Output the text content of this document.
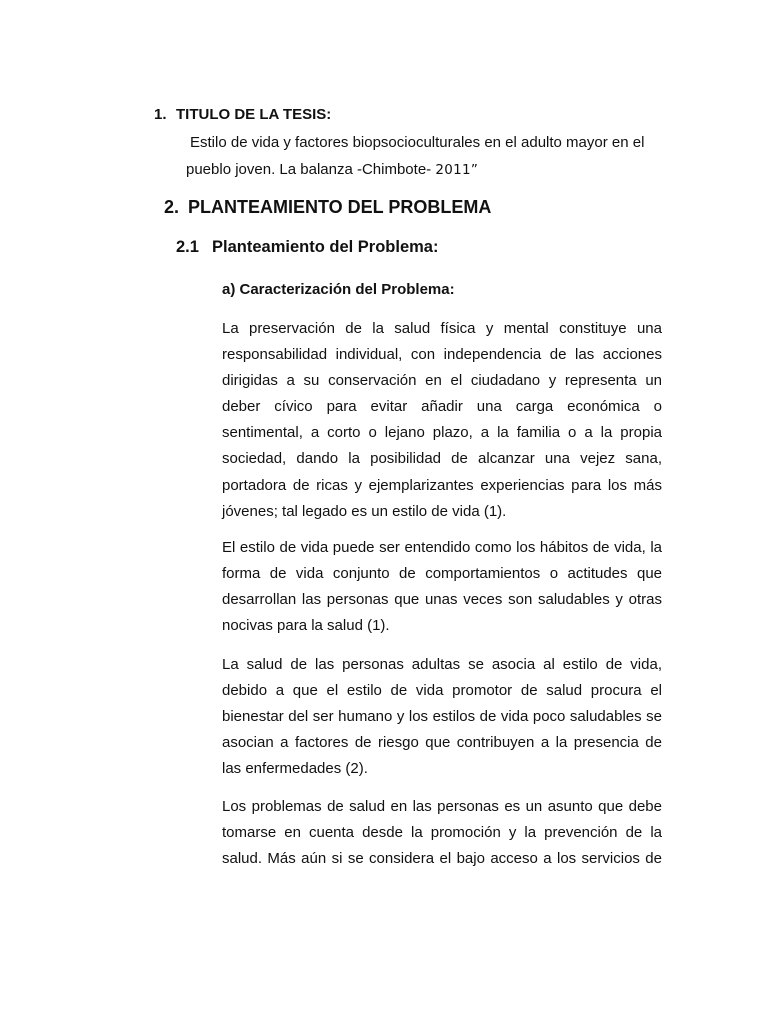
1. TITULO DE LA TESIS:
Estilo de vida y factores biopsocioculturales en el adulto mayor en el
pueblo joven. La balanza -Chimbote- 2011”
2. PLANTEAMIENTO DEL PROBLEMA
2.1 Planteamiento del Problema:
a) Caracterización del Problema:
La preservación de la salud física y mental constituye una
responsabilidad individual, con independencia de las acciones
dirigidas a su conservación en el ciudadano y representa un
deber cívico para evitar añadir una carga económica o
sentimental, a corto o lejano plazo, a la familia o a la propia
sociedad, dando la posibilidad de alcanzar una vejez sana,
portadora de ricas y ejemplarizantes experiencias para los más
jóvenes; tal legado es un estilo de vida (1).
El estilo de vida puede ser entendido como los hábitos de vida, la
forma de vida conjunto de comportamientos o actitudes que
desarrollan las personas que unas veces son saludables y otras
nocivas para la salud (1).
La salud de las personas adultas se asocia al estilo de vida,
debido a que el estilo de vida promotor de salud procura el
bienestar del ser humano y los estilos de vida poco saludables se
asocian a factores de riesgo que contribuyen a la presencia de
las enfermedades (2).
Los problemas de salud en las personas es un asunto que debe
tomarse en cuenta desde la promoción y la prevención de la
salud. Más aún si se considera el bajo acceso a los servicios de
